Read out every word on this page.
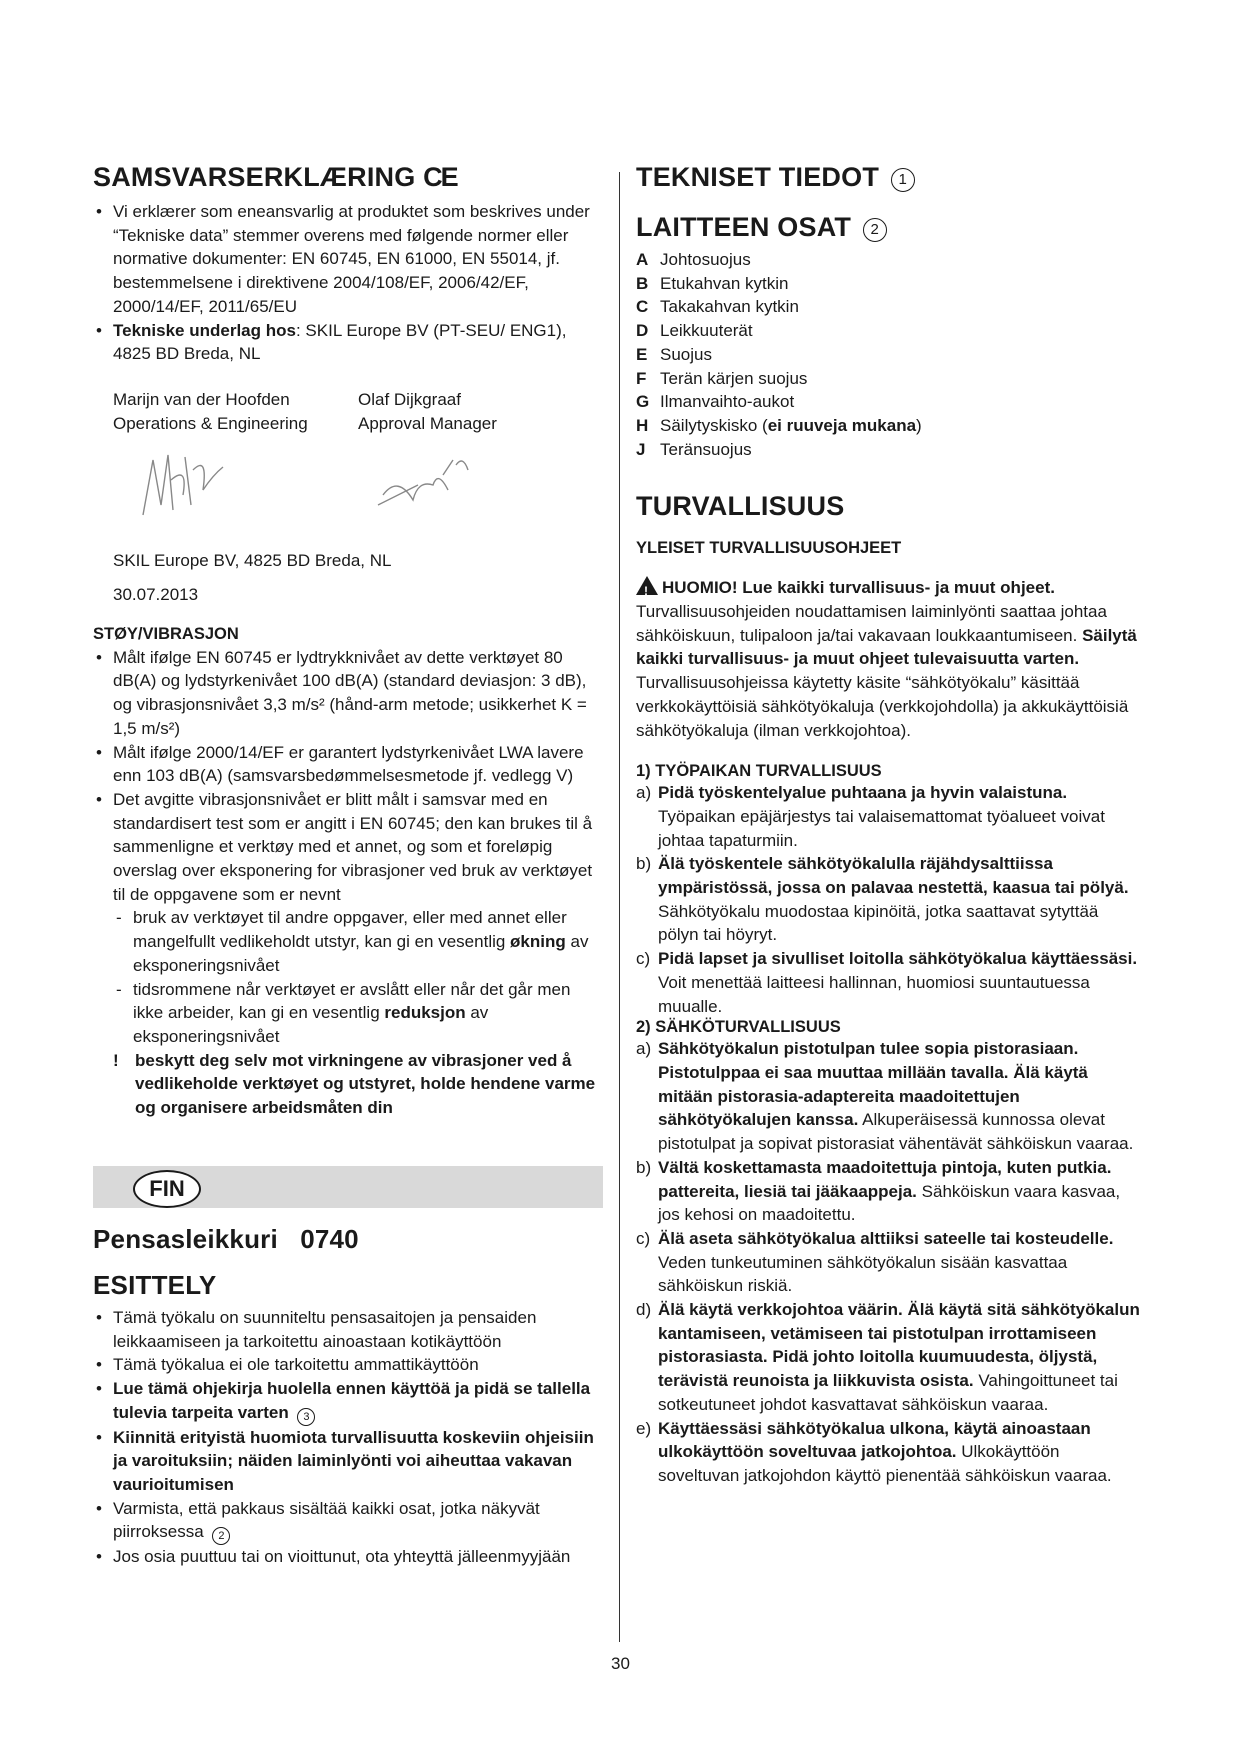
SAMSVARSERKLÆRING CE
• Vi erklærer som eneansvarlig at produktet som beskrives under “Tekniske data” stemmer overens med følgende normer eller normative dokumenter: EN 60745, EN 61000, EN 55014, jf. bestemmelsene i direktivene 2004/108/EF, 2006/42/EF, 2000/14/EF, 2011/65/EU
• Tekniske underlag hos: SKIL Europe BV (PT-SEU/ ENG1), 4825 BD Breda, NL

Marijn van der Hoofden

Operations & Engineering

Olaf Dijkgraaf

Approval Manager

SKIL Europe BV, 4825 BD Breda, NL

30.07.2013

STØY/VIBRASJON
• Målt ifølge EN 60745 er lydtrykknivået av dette verktøyet 80 dB(A) og lydstyrkenivået 100 dB(A) (standard deviasjon: 3 dB), og vibrasjonsnivået 3,3 m/s² (hånd-arm metode; usikkerhet K = 1,5 m/s²)
• Målt ifølge 2000/14/EF er garantert lydstyrkenivået LWA lavere enn 103 dB(A) (samsvarsbedømmelsesmetode jf. vedlegg V)
• Det avgitte vibrasjonsnivået er blitt målt i samsvar med en standardisert test som er angitt i EN 60745; den kan brukes til å sammenligne et verktøy med et annet, og som et foreløpig overslag over eksponering for vibrasjoner ved bruk av verktøyet til de oppgavene som er nevnt
- bruk av verktøyet til andre oppgaver, eller med annet eller mangelfullt vedlikeholdt utstyr, kan gi en vesentlig økning av eksponeringsnivået
- tidsrommene når verktøyet er avslått eller når det går men ikke arbeider, kan gi en vesentlig reduksjon av eksponeringsnivået

! beskytt deg selv mot virkningene av vibrasjoner ved å vedlikeholde verktøyet og utstyret, holde hendene varme og organisere arbeidsmåten din

FIN
Pensasleikkuri 0740
ESITTELY
• Tämä työkalu on suunniteltu pensasaitojen ja pensaiden leikkaamiseen ja tarkoitettu ainoastaan kotikäyttöön
• Tämä työkalua ei ole tarkoitettu ammattikäyttöön
• Lue tämä ohjekirja huolella ennen käyttöä ja pidä se tallella tulevia tarpeita varten 3
• Kiinnitä erityistä huomiota turvallisuutta koskeviin ohjeisiin ja varoituksiin; näiden laiminlyönti voi aiheuttaa vakavan vaurioitumisen
• Varmista, että pakkaus sisältää kaikki osat, jotka näkyvät piirroksessa 2
• Jos osia puuttuu tai on vioittunut, ota yhteyttä jälleenmyyjään
TEKNISET TIEDOT 1
LAITTEEN OSAT 2
A Johtosuojus
B Etukahvan kytkin
C Takakahvan kytkin
D Leikkuuterät
E Suojus
F Terän kärjen suojus
G Ilmanvaihto-aukot
H Säilytyskisko (ei ruuveja mukana)
J Teränsuojus
TURVALLISUUS
YLEISET TURVALLISUUSOHJEET

!HUOMIO! Lue kaikki turvallisuus- ja muut ohjeet. Turvallisuusohjeiden noudattamisen laiminlyönti saattaa johtaa sähköiskuun, tulipaloon ja/tai vakavaan loukkaantumiseen. Säilytä kaikki turvallisuus- ja muut ohjeet tulevaisuutta varten. Turvallisuusohjeissa käytetty käsite “sähkötyökalu” käsittää verkkokäyttöisiä sähkötyökaluja (verkkojohdolla) ja akkukäyttöisiä sähkötyökaluja (ilman verkkojohtoa).

1) TYÖPAIKAN TURVALLISUUS

a) Pidä työskentelyalue puhtaana ja hyvin valaistuna. Työpaikan epäjärjestys tai valaisemattomat työalueet voivat johtaa tapaturmiin.

b) Älä työskentele sähkötyökalulla räjähdysalttiissa ympäristössä, jossa on palavaa nestettä, kaasua tai pölyä. Sähkötyökalu muodostaa kipinöitä, jotka saattavat sytyttää pölyn tai höyryt.

c) Pidä lapset ja sivulliset loitolla sähkötyökalua käyttäessäsi. Voit menettää laitteesi hallinnan, huomiosi suuntautuessa muualle.

2) SÄHKÖTURVALLISUUS

a) Sähkötyökalun pistotulpan tulee sopia pistorasiaan. Pistotulppaa ei saa muuttaa millään tavalla. Älä käytä mitään pistorasia-adaptereita maadoitettujen sähkötyökalujen kanssa. Alkuperäisessä kunnossa olevat pistotulpat ja sopivat pistorasiat vähentävät sähköiskun vaaraa.

b) Vältä koskettamasta maadoitettuja pintoja, kuten putkia. pattereita, liesiä tai jääkaappeja. Sähköiskun vaara kasvaa, jos kehosi on maadoitettu.

c) Älä aseta sähkötyökalua alttiiksi sateelle tai kosteudelle. Veden tunkeutuminen sähkötyökalun sisään kasvattaa sähköiskun riskiä.

d) Älä käytä verkkojohtoa väärin. Älä käytä sitä sähkötyökalun kantamiseen, vetämiseen tai pistotulpan irrottamiseen pistorasiasta. Pidä johto loitolla kuumuudesta, öljystä, terävistä reunoista ja liikkuvista osista. Vahingoittuneet tai sotkeutuneet johdot kasvattavat sähköiskun vaaraa.

e) Käyttäessäsi sähkötyökalua ulkona, käytä ainoastaan ulkokäyttöön soveltuvaa jatkojohtoa. Ulkokäyttöön soveltuvan jatkojohdon käyttö pienentää sähköiskun vaaraa.

30
